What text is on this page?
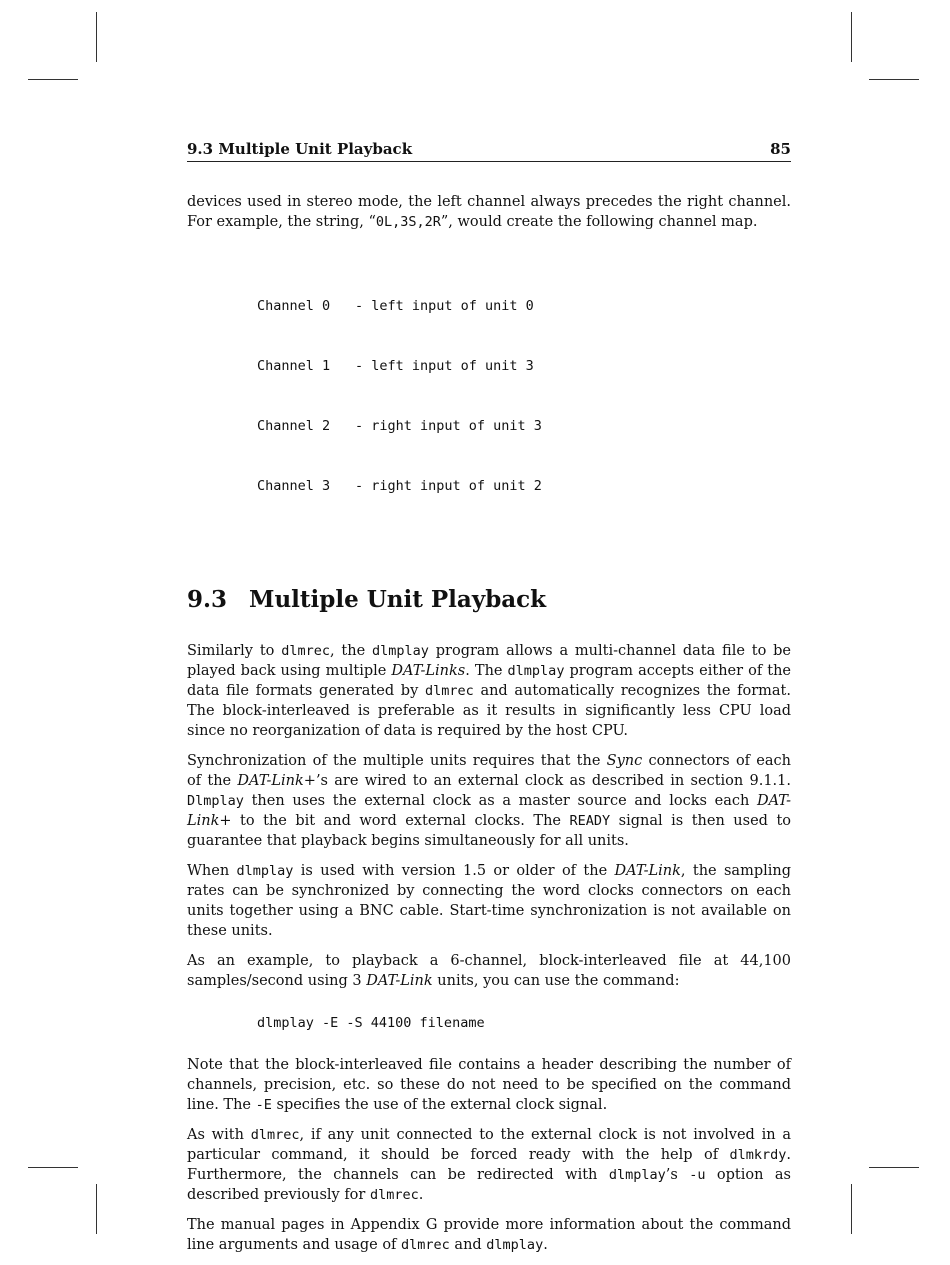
9.3 Multiple Unit Playback	85

devices used in stereo mode, the left channel always precedes the right channel. For example, the string, “0L,3S,2R”, would create the following channel map.

Channel 0	- left input of unit 0

Channel 1	- left input of unit 3

Channel 2	- right input of unit 3

Channel 3	- right input of unit 2

9.3 Multiple Unit Playback

Similarly to dlmrec, the dlmplay program allows a multi-channel data file to be played back using multiple DAT-Links. The dlmplay program accepts either of the data file formats generated by dlmrec and automatically recognizes the format. The block-interleaved is preferable as it results in significantly less CPU load since no reorganization of data is required by the host CPU.

Synchronization of the multiple units requires that the Sync connectors of each of the DAT-Link+’s are wired to an external clock as described in section 9.1.1. Dlmplay then uses the external clock as a master source and locks each DAT-Link+ to the bit and word external clocks. The READY signal is then used to guarantee that playback begins simultaneously for all units.

When dlmplay is used with version 1.5 or older of the DAT-Link, the sampling rates can be synchronized by connecting the word clocks connectors on each units together using a BNC cable. Start-time synchronization is not available on these units.

As an example, to playback a 6-channel, block-interleaved file at 44,100 samples/second using 3 DAT-Link units, you can use the command:

dlmplay -E -S 44100 filename

Note that the block-interleaved file contains a header describing the number of channels, precision, etc. so these do not need to be specified on the command line. The -E specifies the use of the external clock signal.

As with dlmrec, if any unit connected to the external clock is not involved in a particular command, it should be forced ready with the help of dlmkrdy. Furthermore, the channels can be redirected with dlmplay’s -u option as described previously for dlmrec.

The manual pages in Appendix G provide more information about the command line arguments and usage of dlmrec and dlmplay.
